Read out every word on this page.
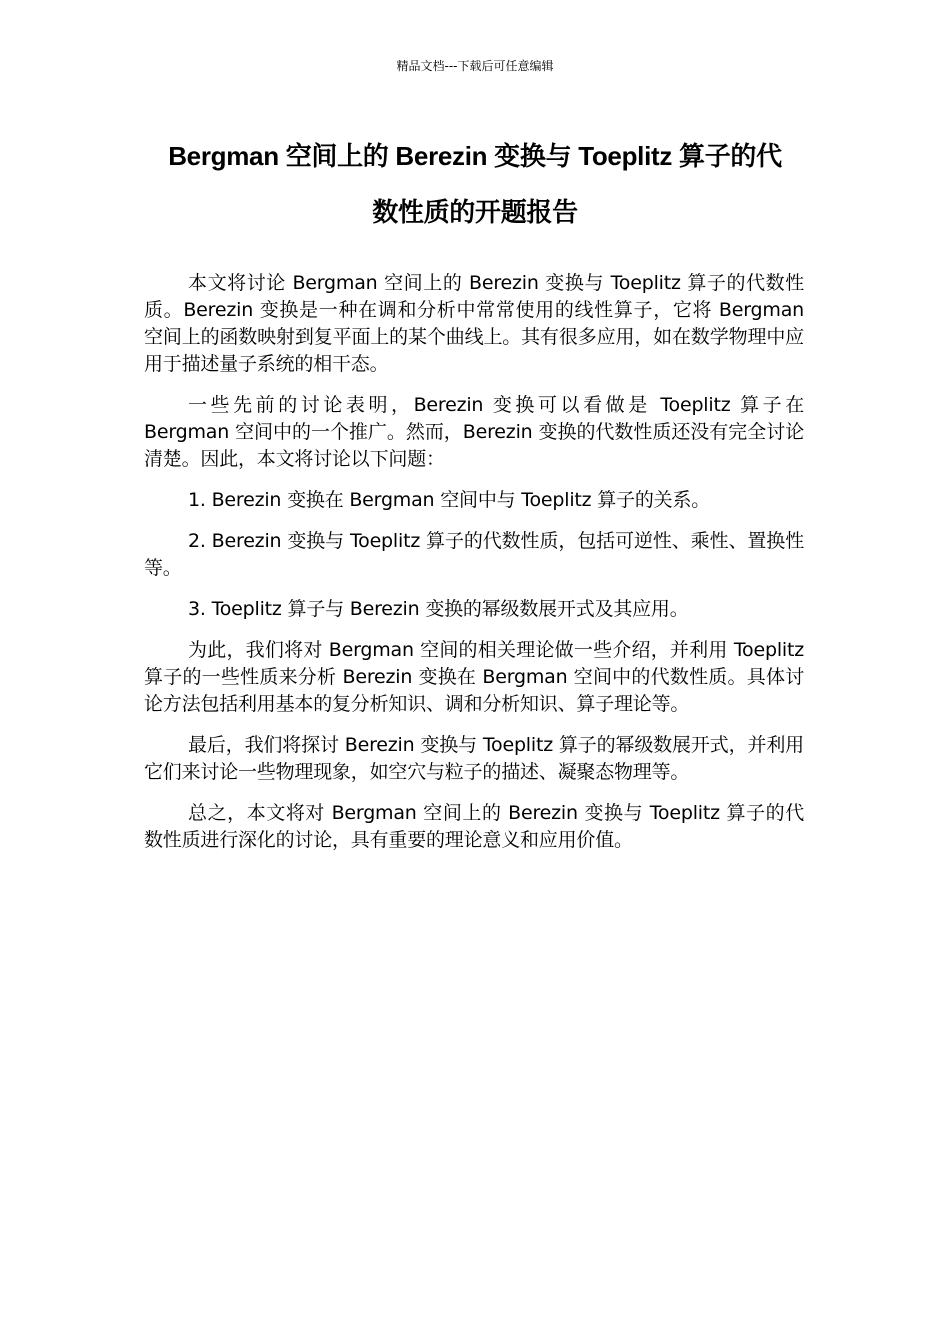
精品文档---下载后可任意编辑
Bergman 空间上的 Berezin 变换与 Toeplitz 算子的代
数性质的开题报告

本文将讨论 Bergman 空间上的 Berezin 变换与 Toeplitz 算子的代数性质。Berezin 变换是一种在调和分析中常常使用的线性算子，它将 Bergman 空间上的函数映射到复平面上的某个曲线上。其有很多应用，如在数学物理中应用于描述量子系统的相干态。

一些先前的讨论表明，Berezin 变换可以看做是 Toeplitz 算子在 Bergman 空间中的一个推广。然而，Berezin 变换的代数性质还没有完全讨论清楚。因此，本文将讨论以下问题：

1. Berezin 变换在 Bergman 空间中与 Toeplitz 算子的关系。

2. Berezin 变换与 Toeplitz 算子的代数性质，包括可逆性、乘性、置换性等。

3. Toeplitz 算子与 Berezin 变换的幂级数展开式及其应用。

为此，我们将对 Bergman 空间的相关理论做一些介绍，并利用 Toeplitz 算子的一些性质来分析 Berezin 变换在 Bergman 空间中的代数性质。具体讨论方法包括利用基本的复分析知识、调和分析知识、算子理论等。

最后，我们将探讨 Berezin 变换与 Toeplitz 算子的幂级数展开式，并利用它们来讨论一些物理现象，如空穴与粒子的描述、凝聚态物理等。

总之，本文将对 Bergman 空间上的 Berezin 变换与 Toeplitz 算子的代数性质进行深化的讨论，具有重要的理论意义和应用价值。
